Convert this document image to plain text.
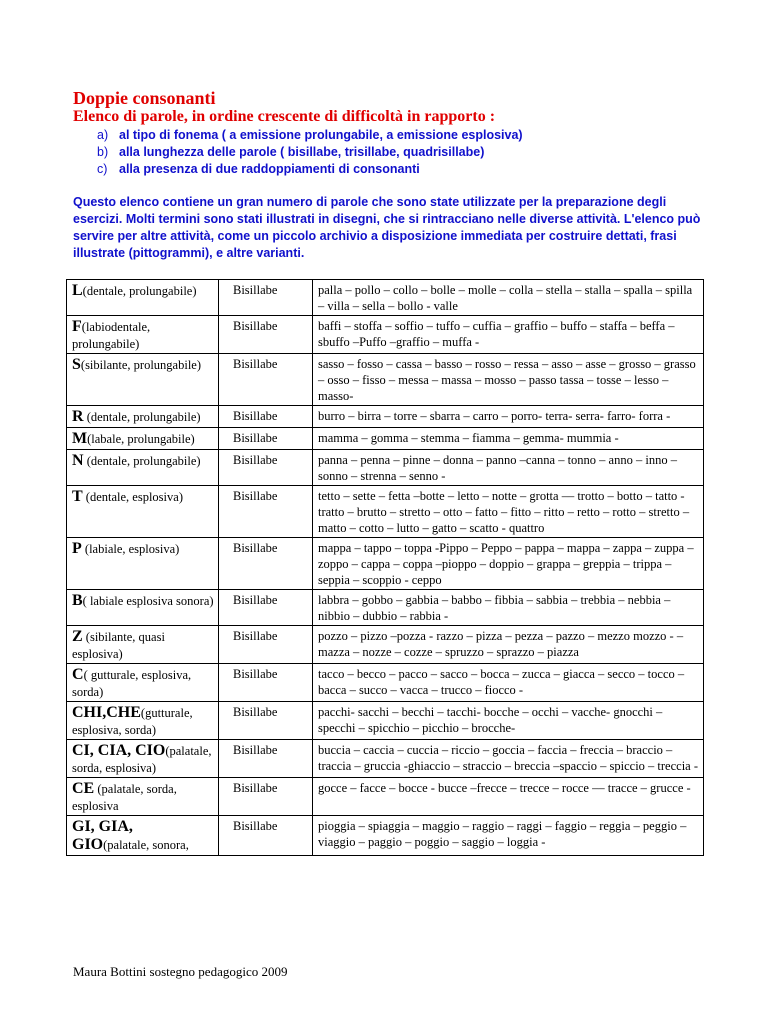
Doppie consonanti

Elenco di parole, in ordine crescente di difficoltà in rapporto :

a) al tipo di fonema ( a emissione prolungabile, a emissione esplosiva)
b) alla lunghezza delle parole ( bisillabe, trisillabe, quadrisillabe)
c) alla presenza di due raddoppiamenti di consonanti

Questo elenco contiene un gran numero di parole che sono state utilizzate per la preparazione degli esercizi. Molti termini sono stati illustrati in disegni, che si rintracciano nelle diverse attività. L'elenco può servire per altre attività, come un piccolo archivio a disposizione immediata per costruire dettati, frasi illustrate (pittogrammi), e altre varianti.

L(dentale, prolungabile)	Bisillabe	palla – pollo – collo – bolle – molle – colla – stella – stalla – spalla – spilla – villa – sella – bollo - valle
F(labiodentale, prolungabile)	Bisillabe	baffi – stoffa – soffio – tuffo – cuffia – graffio – buffo – staffa – beffa – sbuffo –Puffo –graffio – muffa -
S(sibilante, prolungabile)	Bisillabe	sasso – fosso – cassa – basso – rosso – ressa – asso – asse – grosso – grasso – osso – fisso – messa – massa – mosso – passo tassa – tosse – lesso – masso-
R (dentale, prolungabile)	Bisillabe	burro – birra – torre – sbarra – carro – porro- terra- serra- farro- forra -
M(labale, prolungabile)	Bisillabe	mamma – gomma – stemma – fiamma – gemma- mummia -
N (dentale, prolungabile)	Bisillabe	panna – penna – pinne – donna – panno –canna – tonno – anno – inno – sonno – strenna – senno -
T (dentale, esplosiva)	Bisillabe	tetto – sette – fetta –botte – letto – notte – grotta –– trotto – botto – tatto - tratto – brutto – stretto – otto – fatto – fitto – ritto – retto – rotto – stretto – matto – cotto – lutto – gatto – scatto - quattro
P (labiale, esplosiva)	Bisillabe	mappa – tappo – toppa -Pippo – Peppo – pappa – mappa – zappa – zuppa – zoppo – cappa – coppa –pioppo – doppio – grappa – greppia – trippa – seppia – scoppio - ceppo
B( labiale esplosiva sonora)	Bisillabe	labbra – gobbo – gabbia – babbo – fibbia – sabbia – trebbia – nebbia – nibbio – dubbio – rabbia -
Z (sibilante, quasi esplosiva)	Bisillabe	pozzo – pizzo –pozza - razzo – pizza – pezza – pazzo – mezzo mozzo - – mazza – nozze – cozze – spruzzo – sprazzo – piazza
C( gutturale, esplosiva, sorda)	Bisillabe	tacco – becco – pacco – sacco – bocca – zucca – giacca – secco – tocco – bacca – succo – vacca – trucco – fiocco -
CHI,CHE(gutturale, esplosiva, sorda)	Bisillabe	pacchi- sacchi – becchi – tacchi- bocche – occhi – vacche- gnocchi – specchi – spicchio – picchio – brocche-
CI, CIA, CIO(palatale, sorda, esplosiva)	Bisillabe	buccia – caccia – cuccia – riccio – goccia – faccia – freccia – braccio – traccia – gruccia -ghiaccio – straccio – breccia –spaccio – spiccio – treccia -
CE (palatale, sorda, esplosiva	Bisillabe	gocce – facce – bocce - bucce –frecce – trecce – rocce –– tracce – grucce -
GI, GIA, GIO(palatale, sonora,	Bisillabe	pioggia – spiaggia – maggio – raggio – raggi – faggio – reggia – peggio – viaggio – paggio – poggio – saggio – loggia -

Maura Bottini sostegno pedagogico 2009
